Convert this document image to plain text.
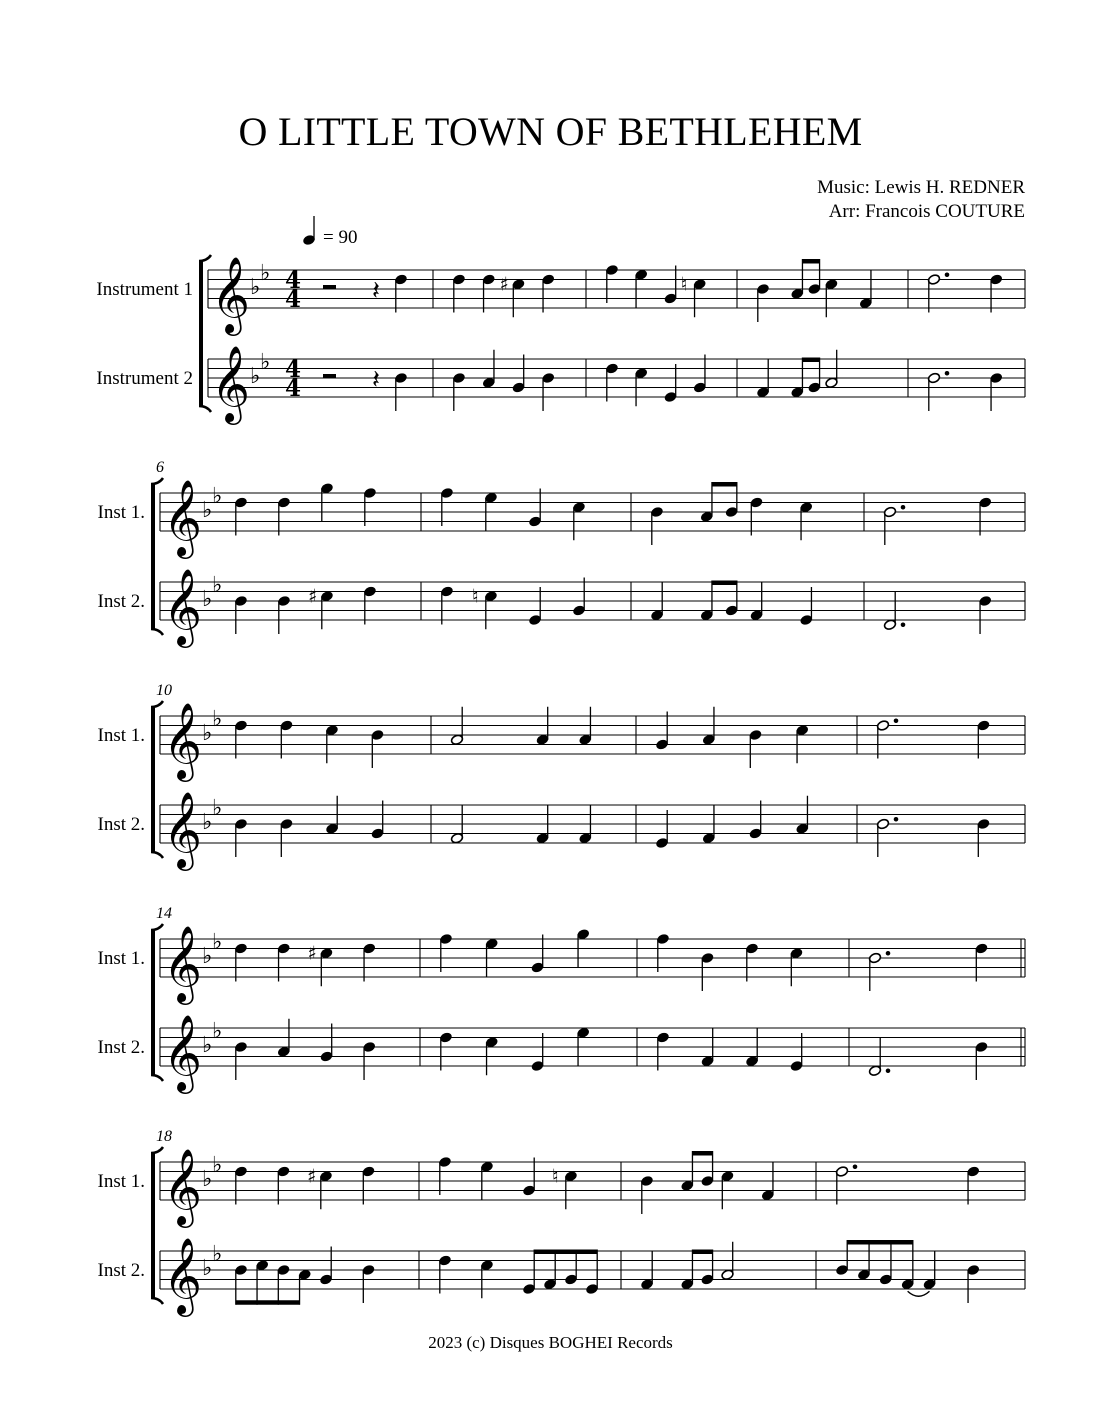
O LITTLE TOWN OF BETHLEHEM
Music: Lewis H. REDNER
Arr: Francois COUTURE
= 90
𝄞 ♭
♭ 4
4
Instrument 1
𝄞 ♭
♭ 4
4
Instrument 2
𝄽
𝄽
♯	♮
6
𝄞 ♭
♭
Inst 1.
𝄞 ♭
♭
Inst 2.	♯	♮
10
𝄞 ♭
♭
Inst 1.
𝄞 ♭
♭
Inst 2.
14
𝄞 ♭
♭
Inst 1.
𝄞 ♭
♭
Inst 2.
♯
18
𝄞 ♭
♭
Inst 1.
𝄞 ♭
♭
Inst 2.
♯	♮
2023 (c) Disques BOGHEI Records
